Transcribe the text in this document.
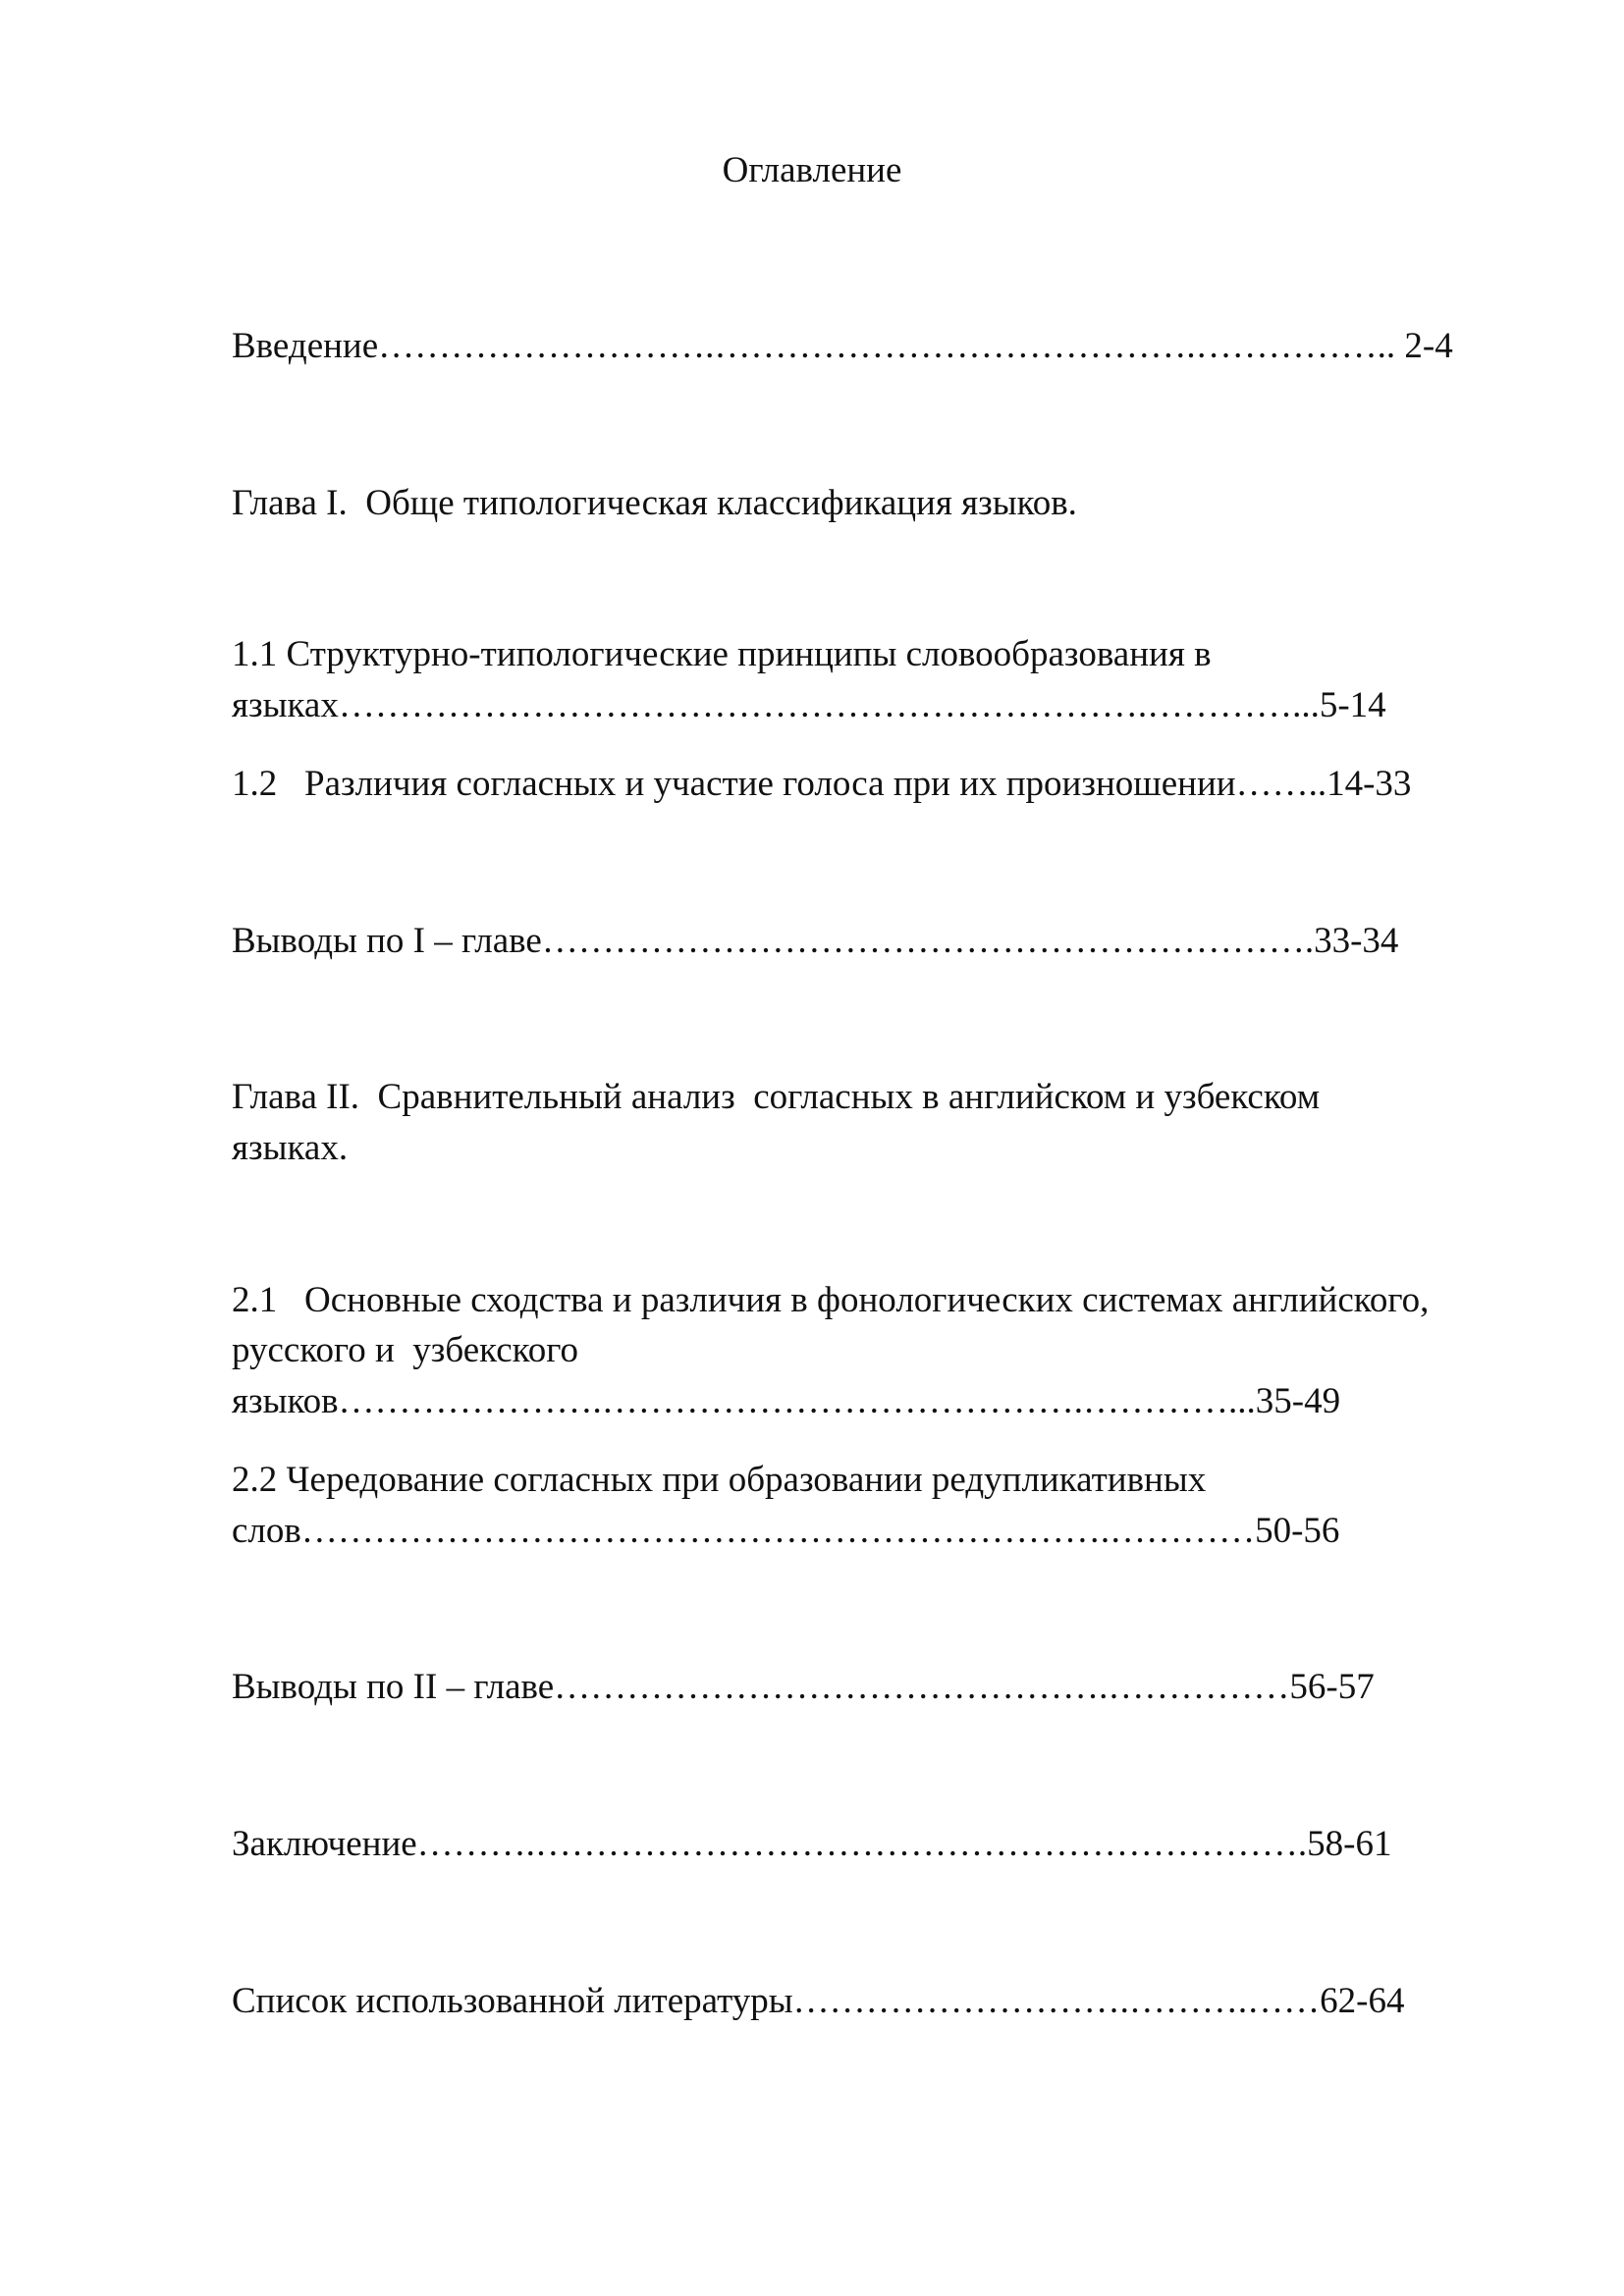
Оглавление
Введение……………………….………………………………….…………….. 2-4
Глава I.  Обще типологическая классификация языков.
1.1 Структурно-типологические принципы словообразования в
языках………………………………………………………….…………...5-14
1.2   Различия согласных и участие голоса при их произношении……..14-33
Выводы по I – главе……………………………………………………….33-34
Глава II.  Сравнительный анализ  согласных в английском и узбекском
языках.
2.1   Основные сходства и различия в фонологических системах английского,
русского и  узбекского
языков………………….………………………………….…………...35-49
2.2 Чередование согласных при образовании редупликативных
слов………………………………………………………….…………50-56
Выводы по II – главе……………………………………….……………56-57
Заключение……….……………………………………………………….58-61
Список использованной литературы……………………….……….……62-64
